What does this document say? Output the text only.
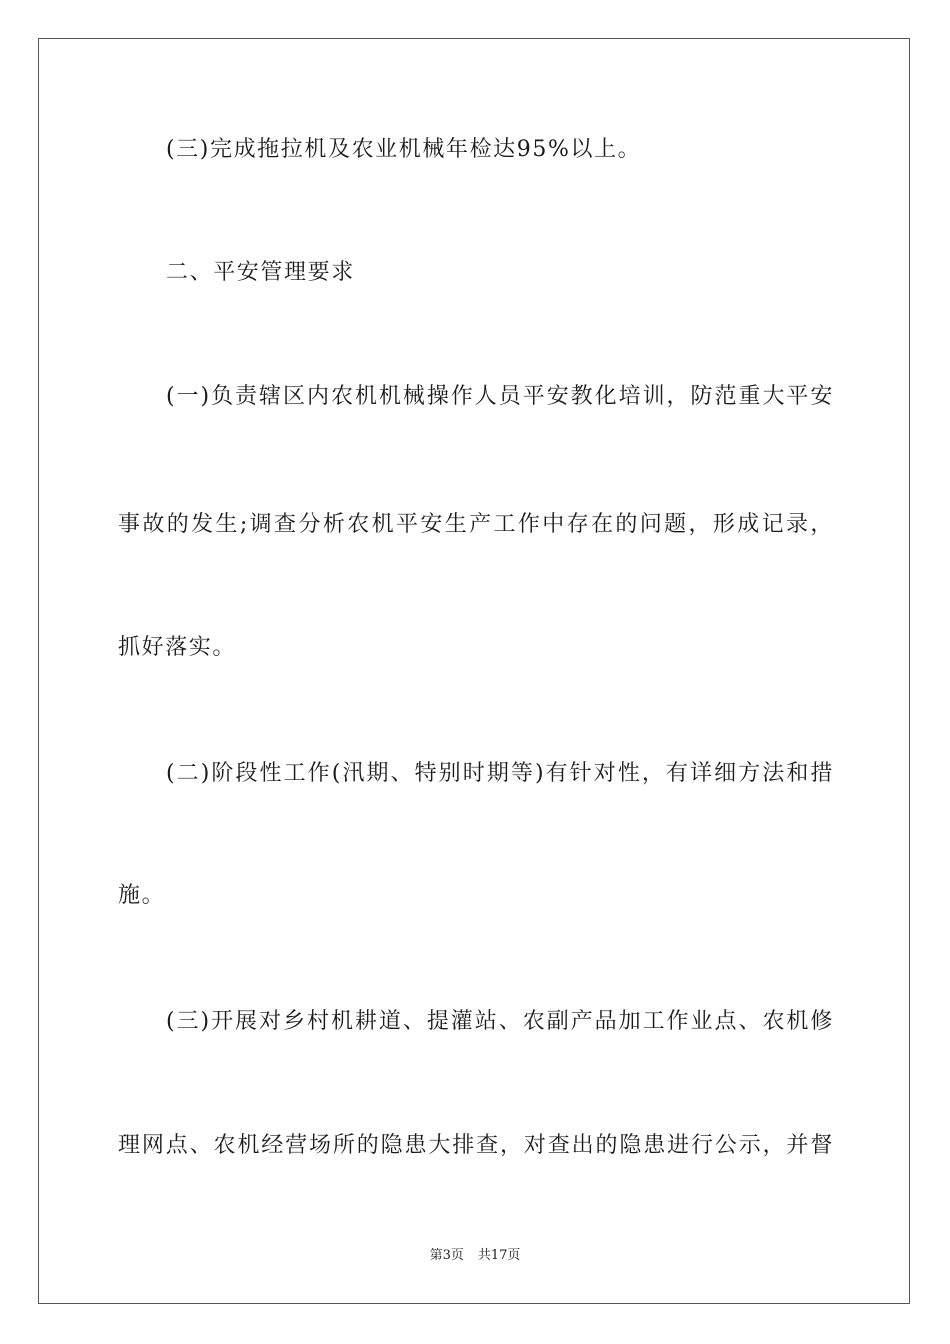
(三)完成拖拉机及农业机械年检达95%以上。
二、平安管理要求
(一)负责辖区内农机机械操作人员平安教化培训，防范重大平安
事故的发生;调查分析农机平安生产工作中存在的问题，形成记录，
抓好落实。
(二)阶段性工作(汛期、特别时期等)有针对性，有详细方法和措
施。
(三)开展对乡村机耕道、提灌站、农副产品加工作业点、农机修
理网点、农机经营场所的隐患大排查，对查出的隐患进行公示，并督
第3页 共17页
